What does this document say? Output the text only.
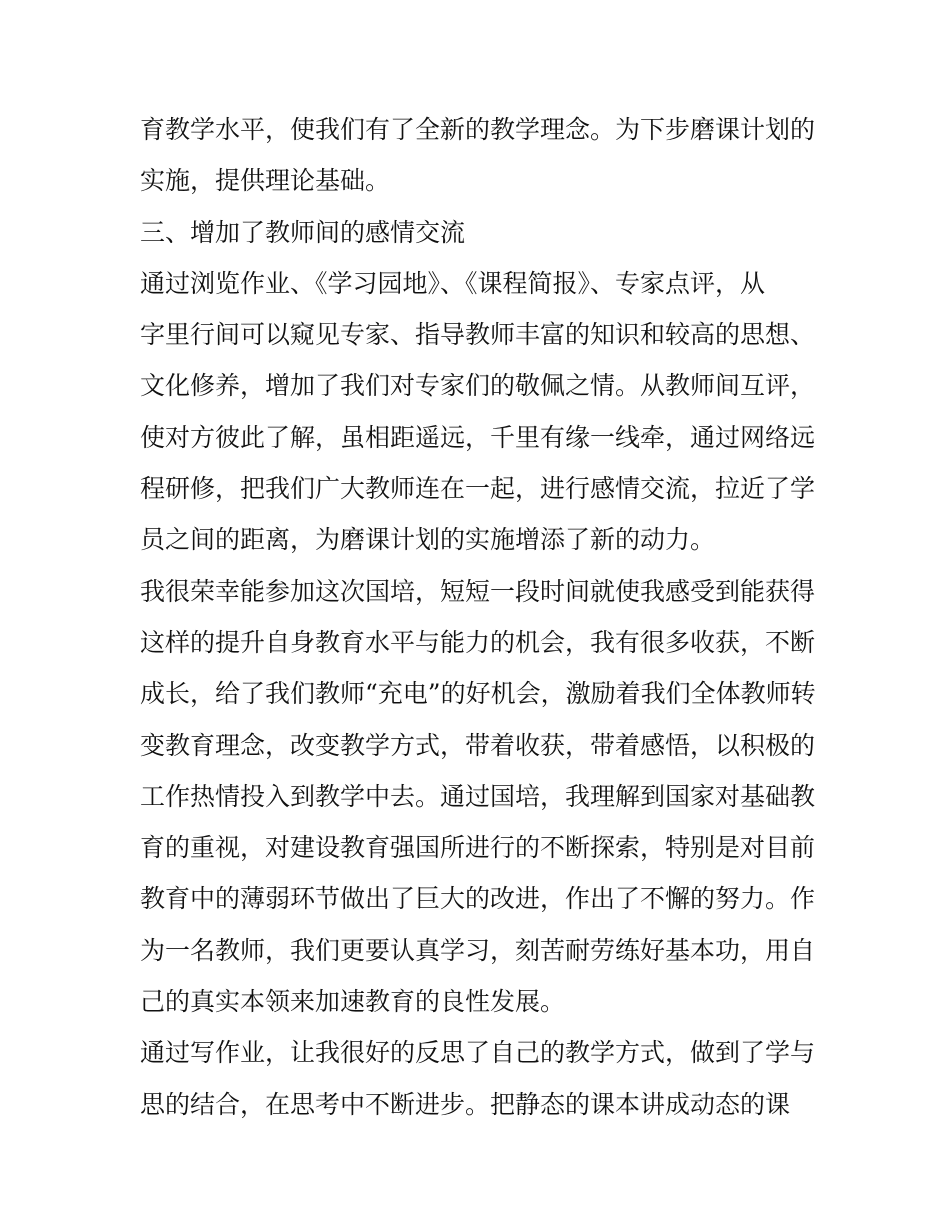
育教学水平，使我们有了全新的教学理念。为下步磨课计划的
实施，提供理论基础。
三、增加了教师间的感情交流
通过浏览作业、《学习园地》、《课程简报》、专家点评，从
字里行间可以窥见专家、指导教师丰富的知识和较高的思想、
文化修养，增加了我们对专家们的敬佩之情。从教师间互评，
使对方彼此了解，虽相距遥远，千里有缘一线牵，通过网络远
程研修，把我们广大教师连在一起，进行感情交流，拉近了学
员之间的距离，为磨课计划的实施增添了新的动力。
我很荣幸能参加这次国培，短短一段时间就使我感受到能获得
这样的提升自身教育水平与能力的机会，我有很多收获，不断
成长，给了我们教师“充电”的好机会，激励着我们全体教师转
变教育理念，改变教学方式，带着收获，带着感悟，以积极的
工作热情投入到教学中去。通过国培，我理解到国家对基础教
育的重视，对建设教育强国所进行的不断探索，特别是对目前
教育中的薄弱环节做出了巨大的改进，作出了不懈的努力。作
为一名教师，我们更要认真学习，刻苦耐劳练好基本功，用自
己的真实本领来加速教育的良性发展。
通过写作业，让我很好的反思了自己的教学方式，做到了学与
思的结合，在思考中不断进步。把静态的课本讲成动态的课
